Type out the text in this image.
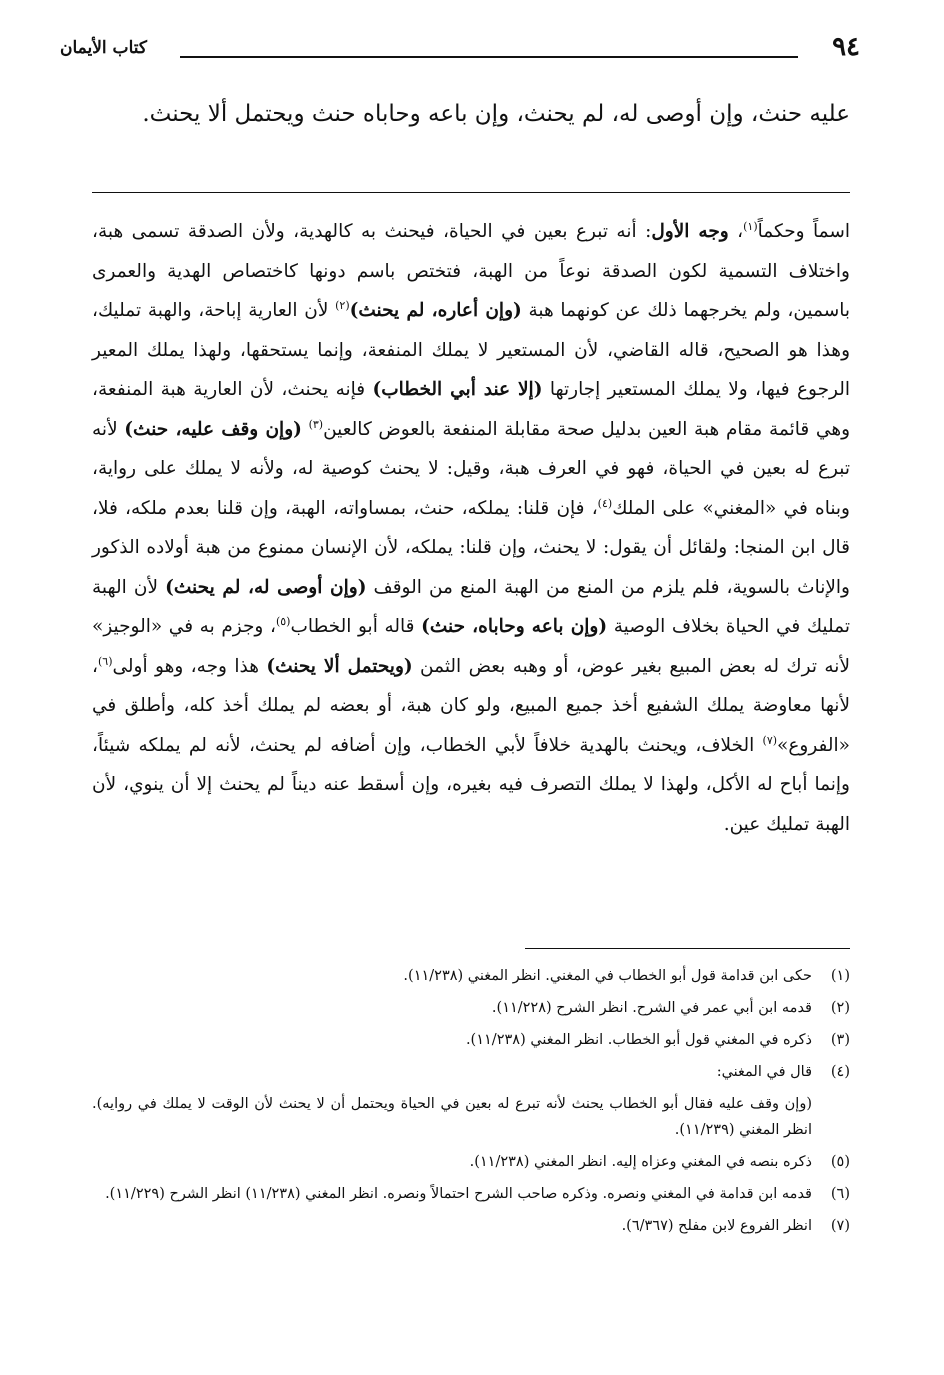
٩٤
كتاب الأيمان
عليه حنث، وإن أوصى له، لم يحنث، وإن باعه وحاباه حنث ويحتمل ألا يحنث.
اسماً وحكماً$^{(١)}$، وجه الأول: أنه تبرع بعين في الحياة، فيحنث به كالهدية، ولأن الصدقة تسمى هبة، واختلاف التسمية لكون الصدقة نوعاً من الهبة، فتختص باسم دونها كاختصاص الهدية والعمرى باسمين، ولم يخرجهما ذلك عن كونهما هبة (وإن أعاره، لم يحنث)$^{(٢)}$ لأن العارية إباحة، والهبة تمليك، وهذا هو الصحيح، قاله القاضي، لأن المستعير لا يملك المنفعة، وإنما يستحقها، ولهذا يملك المعير الرجوع فيها، ولا يملك المستعير إجارتها (إلا عند أبي الخطاب) فإنه يحنث، لأن العارية هبة المنفعة، وهي قائمة مقام هبة العين بدليل صحة مقابلة المنفعة بالعوض كالعين$^{(٣)}$ (وإن وقف عليه، حنث) لأنه تبرع له بعين في الحياة، فهو في العرف هبة، وقيل: لا يحنث كوصية له، ولأنه لا يملك على رواية، وبناه في «المغني» على الملك$^{(٤)}$، فإن قلنا: يملكه، حنث، بمساواته، الهبة، وإن قلنا بعدم ملكه، فلا، قال ابن المنجا: ولقائل أن يقول: لا يحنث، وإن قلنا: يملكه، لأن الإنسان ممنوع من هبة أولاده الذكور والإناث بالسوية، فلم يلزم من المنع من الهبة المنع من الوقف (وإن أوصى له، لم يحنث) لأن الهبة تمليك في الحياة بخلاف الوصية (وإن باعه وحاباه، حنث) قاله أبو الخطاب$^{(٥)}$، وجزم به في «الوجيز» لأنه ترك له بعض المبيع بغير عوض، أو وهبه بعض الثمن (ويحتمل ألا يحنث) هذا وجه، وهو أولى$^{(٦)}$، لأنها معاوضة يملك الشفيع أخذ جميع المبيع، ولو كان هبة، أو بعضه لم يملك أخذ كله، وأطلق في «الفروع»$^{(٧)}$ الخلاف، ويحنث بالهدية خلافاً لأبي الخطاب، وإن أضافه لم يحنث، لأنه لم يملكه شيئاً، وإنما أباح له الأكل، ولهذا لا يملك التصرف فيه بغيره، وإن أسقط عنه ديناً لم يحنث إلا أن ينوي، لأن الهبة تمليك عين.
(١)
حكى ابن قدامة قول أبو الخطاب في المغني. انظر المغني (١١/٢٣٨).
(٢)
قدمه ابن أبي عمر في الشرح. انظر الشرح (١١/٢٢٨).
(٣)
ذكره في المغني قول أبو الخطاب. انظر المغني (١١/٢٣٨).
(٤)
قال في المغني:
(وإن وقف عليه فقال أبو الخطاب يحنث لأنه تبرع له بعين في الحياة ويحتمل أن لا يحنث لأن الوقت لا يملك في روايه). انظر المغني (١١/٢٣٩).
(٥)
ذكره بنصه في المغني وعزاه إليه. انظر المغني (١١/٢٣٨).
(٦)
قدمه ابن قدامة في المغني ونصره. وذكره صاحب الشرح احتمالاً ونصره. انظر المغني (١١/٢٣٨) انظر الشرح (١١/٢٢٩).
(٧)
انظر الفروع لابن مفلح (٦/٣٦٧).
